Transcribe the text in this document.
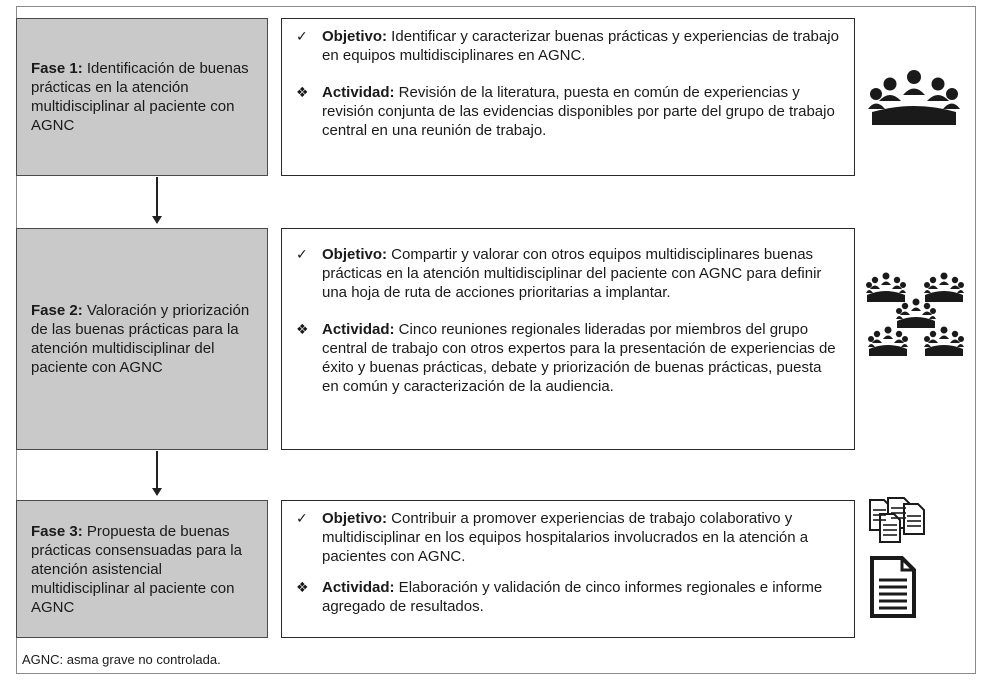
Fase 1: Identificación de buenas prácticas en la atención multidisciplinar al paciente con AGNC
✓ Objetivo: Identificar y caracterizar buenas prácticas y experiencias de trabajo en equipos multidisciplinares en AGNC.
❖ Actividad: Revisión de la literatura, puesta en común de experiencias y revisión conjunta de las evidencias disponibles por parte del grupo de trabajo central en una reunión de trabajo.
Fase 2: Valoración y priorización de las buenas prácticas para la atención multidisciplinar del paciente con AGNC
✓ Objetivo: Compartir y valorar con otros equipos multidisciplinares buenas prácticas en la atención multidisciplinar del paciente con AGNC para definir una hoja de ruta de acciones prioritarias a implantar.
❖ Actividad: Cinco reuniones regionales lideradas por miembros del grupo central de trabajo con otros expertos para la presentación de experiencias de éxito y buenas prácticas, debate y priorización de buenas prácticas, puesta en común y caracterización de la audiencia.
Fase 3: Propuesta de buenas prácticas consensuadas para la atención asistencial multidisciplinar al paciente con AGNC
✓ Objetivo: Contribuir a promover experiencias de trabajo colaborativo y multidisciplinar en los equipos hospitalarios involucrados en la atención a pacientes con AGNC.
❖ Actividad: Elaboración y validación de cinco informes regionales e informe agregado de resultados.
AGNC: asma grave no controlada.
